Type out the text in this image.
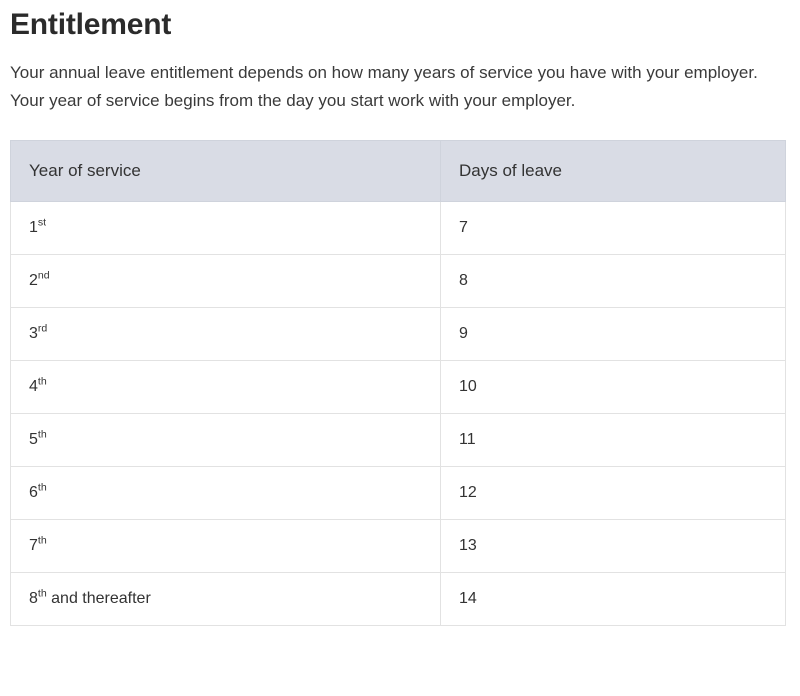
Entitlement

Your annual leave entitlement depends on how many years of service you have with your employer. Your year of service begins from the day you start work with your employer.

Year of service	Days of leave
1st	7
2nd	8
3rd	9
4th	10
5th	11
6th	12
7th	13
8th and thereafter	14
